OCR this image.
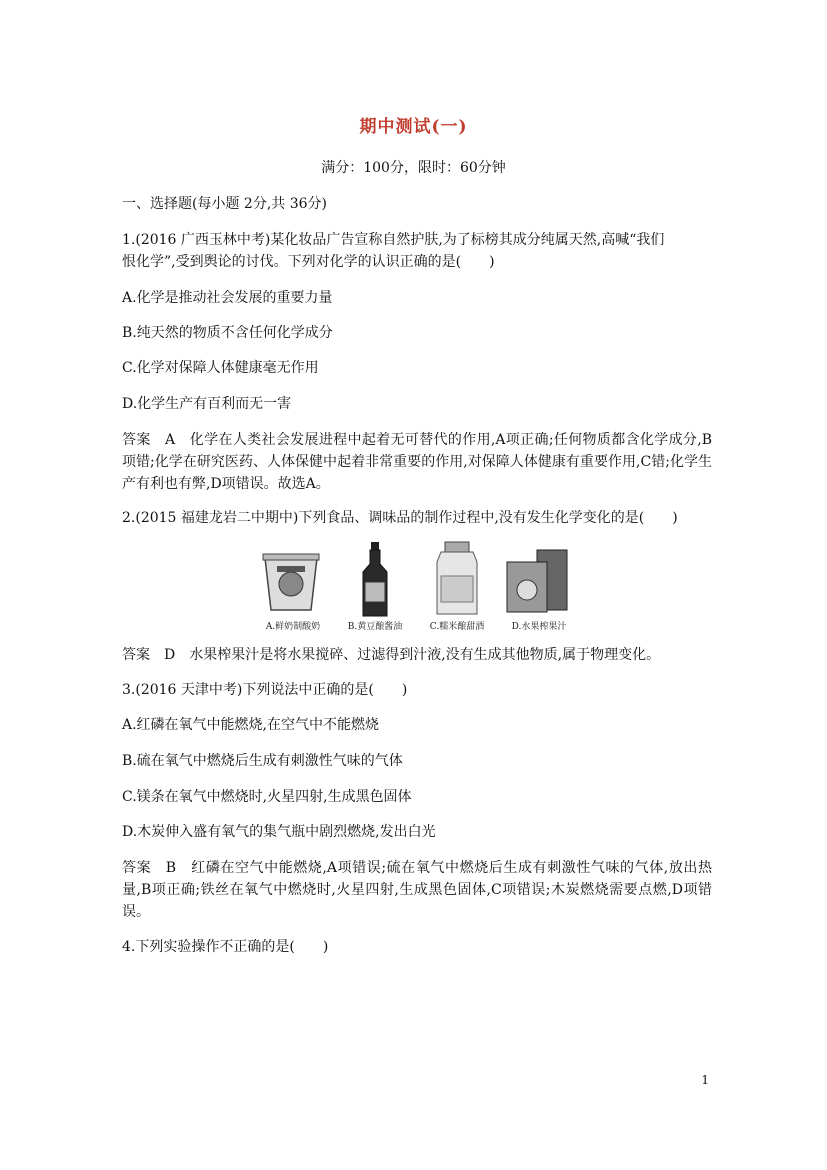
期中测试(一)
满分：100分，限时：60分钟
一、选择题(每小题 2分,共 36分)
1.(2016 广西玉林中考)某化妆品广告宣称自然护肤,为了标榜其成分纯属天然,高喊“我们
恨化学”,受到舆论的讨伐。下列对化学的认识正确的是(　　)
A.化学是推动社会发展的重要力量
B.纯天然的物质不含任何化学成分
C.化学对保障人体健康毫无作用
D.化学生产有百利而无一害
答案　A　化学在人类社会发展进程中起着无可替代的作用,A项正确;任何物质都含化学成分,B项错;化学在研究医药、人体保健中起着非常重要的作用,对保障人体健康有重要作用,C错;化学生产有利也有弊,D项错误。故选A。
2.(2015 福建龙岩二中期中)下列食品、调味品的制作过程中,没有发生化学变化的是(　　)
A.鲜奶制酸奶	B.黄豆酿酱油	C.糯米酿甜酒	D.水果榨果汁
答案　D　水果榨果汁是将水果搅碎、过滤得到汁液,没有生成其他物质,属于物理变化。
3.(2016 天津中考)下列说法中正确的是(　　)
A.红磷在氧气中能燃烧,在空气中不能燃烧
B.硫在氧气中燃烧后生成有刺激性气味的气体
C.镁条在氧气中燃烧时,火星四射,生成黑色固体
D.木炭伸入盛有氧气的集气瓶中剧烈燃烧,发出白光
答案　B　红磷在空气中能燃烧,A项错误;硫在氧气中燃烧后生成有刺激性气味的气体,放出热量,B项正确;铁丝在氧气中燃烧时,火星四射,生成黑色固体,C项错误;木炭燃烧需要点燃,D项错误。
4.下列实验操作不正确的是(　　)
1
